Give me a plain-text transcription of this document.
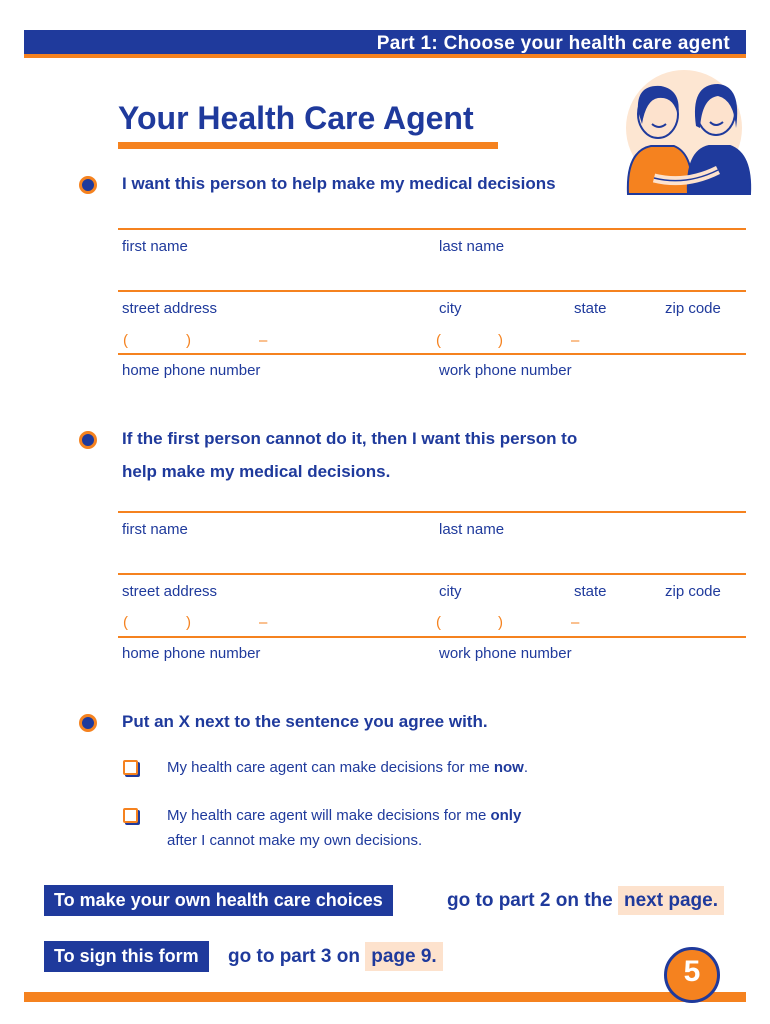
Part 1: Choose your health care agent
Your Health Care Agent
I want this person to help make my medical decisions
first name	last name
street address	city	state	zip code
(	)	–	(	)	–
home phone number	work phone number
If the first person cannot do it, then I want this person to
help make my medical decisions.
first name	last name
street address	city	state	zip code
(	)	–	(	)	–
home phone number	work phone number
Put an X next to the sentence you agree with.
My health care agent can make decisions for me now.
My health care agent will make decisions for me only
after I cannot make my own decisions.
To make your own health care choices	go to part 2 on the next page.
To sign this form	go to part 3 on page 9.	5
